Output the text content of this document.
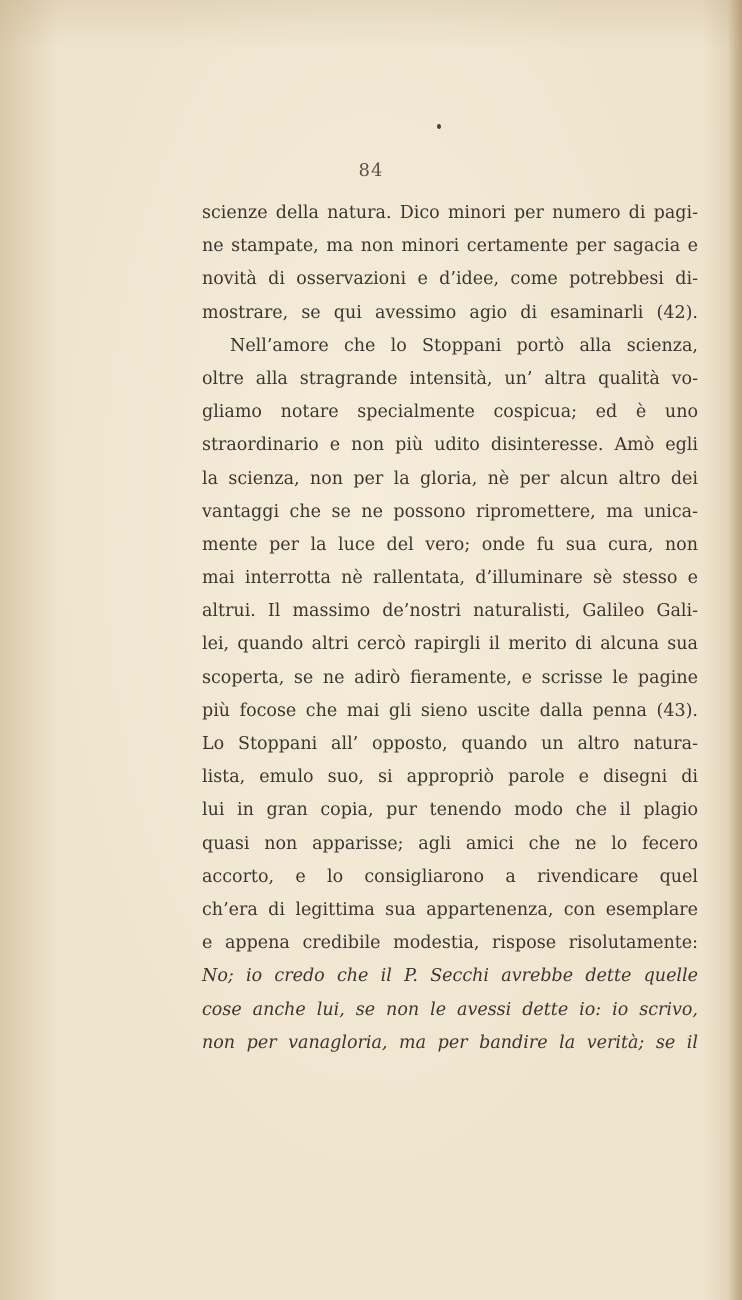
84
scienze della natura. Dico minori per numero di pagi-
ne stampate, ma non minori certamente per sagacia e
novità di osservazioni e d’idee, come potrebbesi di-
mostrare, se qui avessimo agio di esaminarli (42).
Nell’amore che lo Stoppani portò alla scienza,
oltre alla stragrande intensità, un’ altra qualità vo-
gliamo notare specialmente cospicua; ed è uno
straordinario e non più udito disinteresse. Amò egli
la scienza, non per la gloria, nè per alcun altro dei
vantaggi che se ne possono ripromettere, ma unica-
mente per la luce del vero; onde fu sua cura, non
mai interrotta nè rallentata, d’illuminare sè stesso e
altrui. Il massimo de’nostri naturalisti, Galileo Gali-
lei, quando altri cercò rapirgli il merito di alcuna sua
scoperta, se ne adirò fieramente, e scrisse le pagine
più focose che mai gli sieno uscite dalla penna (43).
Lo Stoppani all’ opposto, quando un altro natura-
lista, emulo suo, si appropriò parole e disegni di
lui in gran copia, pur tenendo modo che il plagio
quasi non apparisse; agli amici che ne lo fecero
accorto, e lo consigliarono a rivendicare quel
ch’era di legittima sua appartenenza, con esemplare
e appena credibile modestia, rispose risolutamente:
No; io credo che il P. Secchi avrebbe dette quelle
cose anche lui, se non le avessi dette io: io scrivo,
non per vanagloria, ma per bandire la verità; se il
